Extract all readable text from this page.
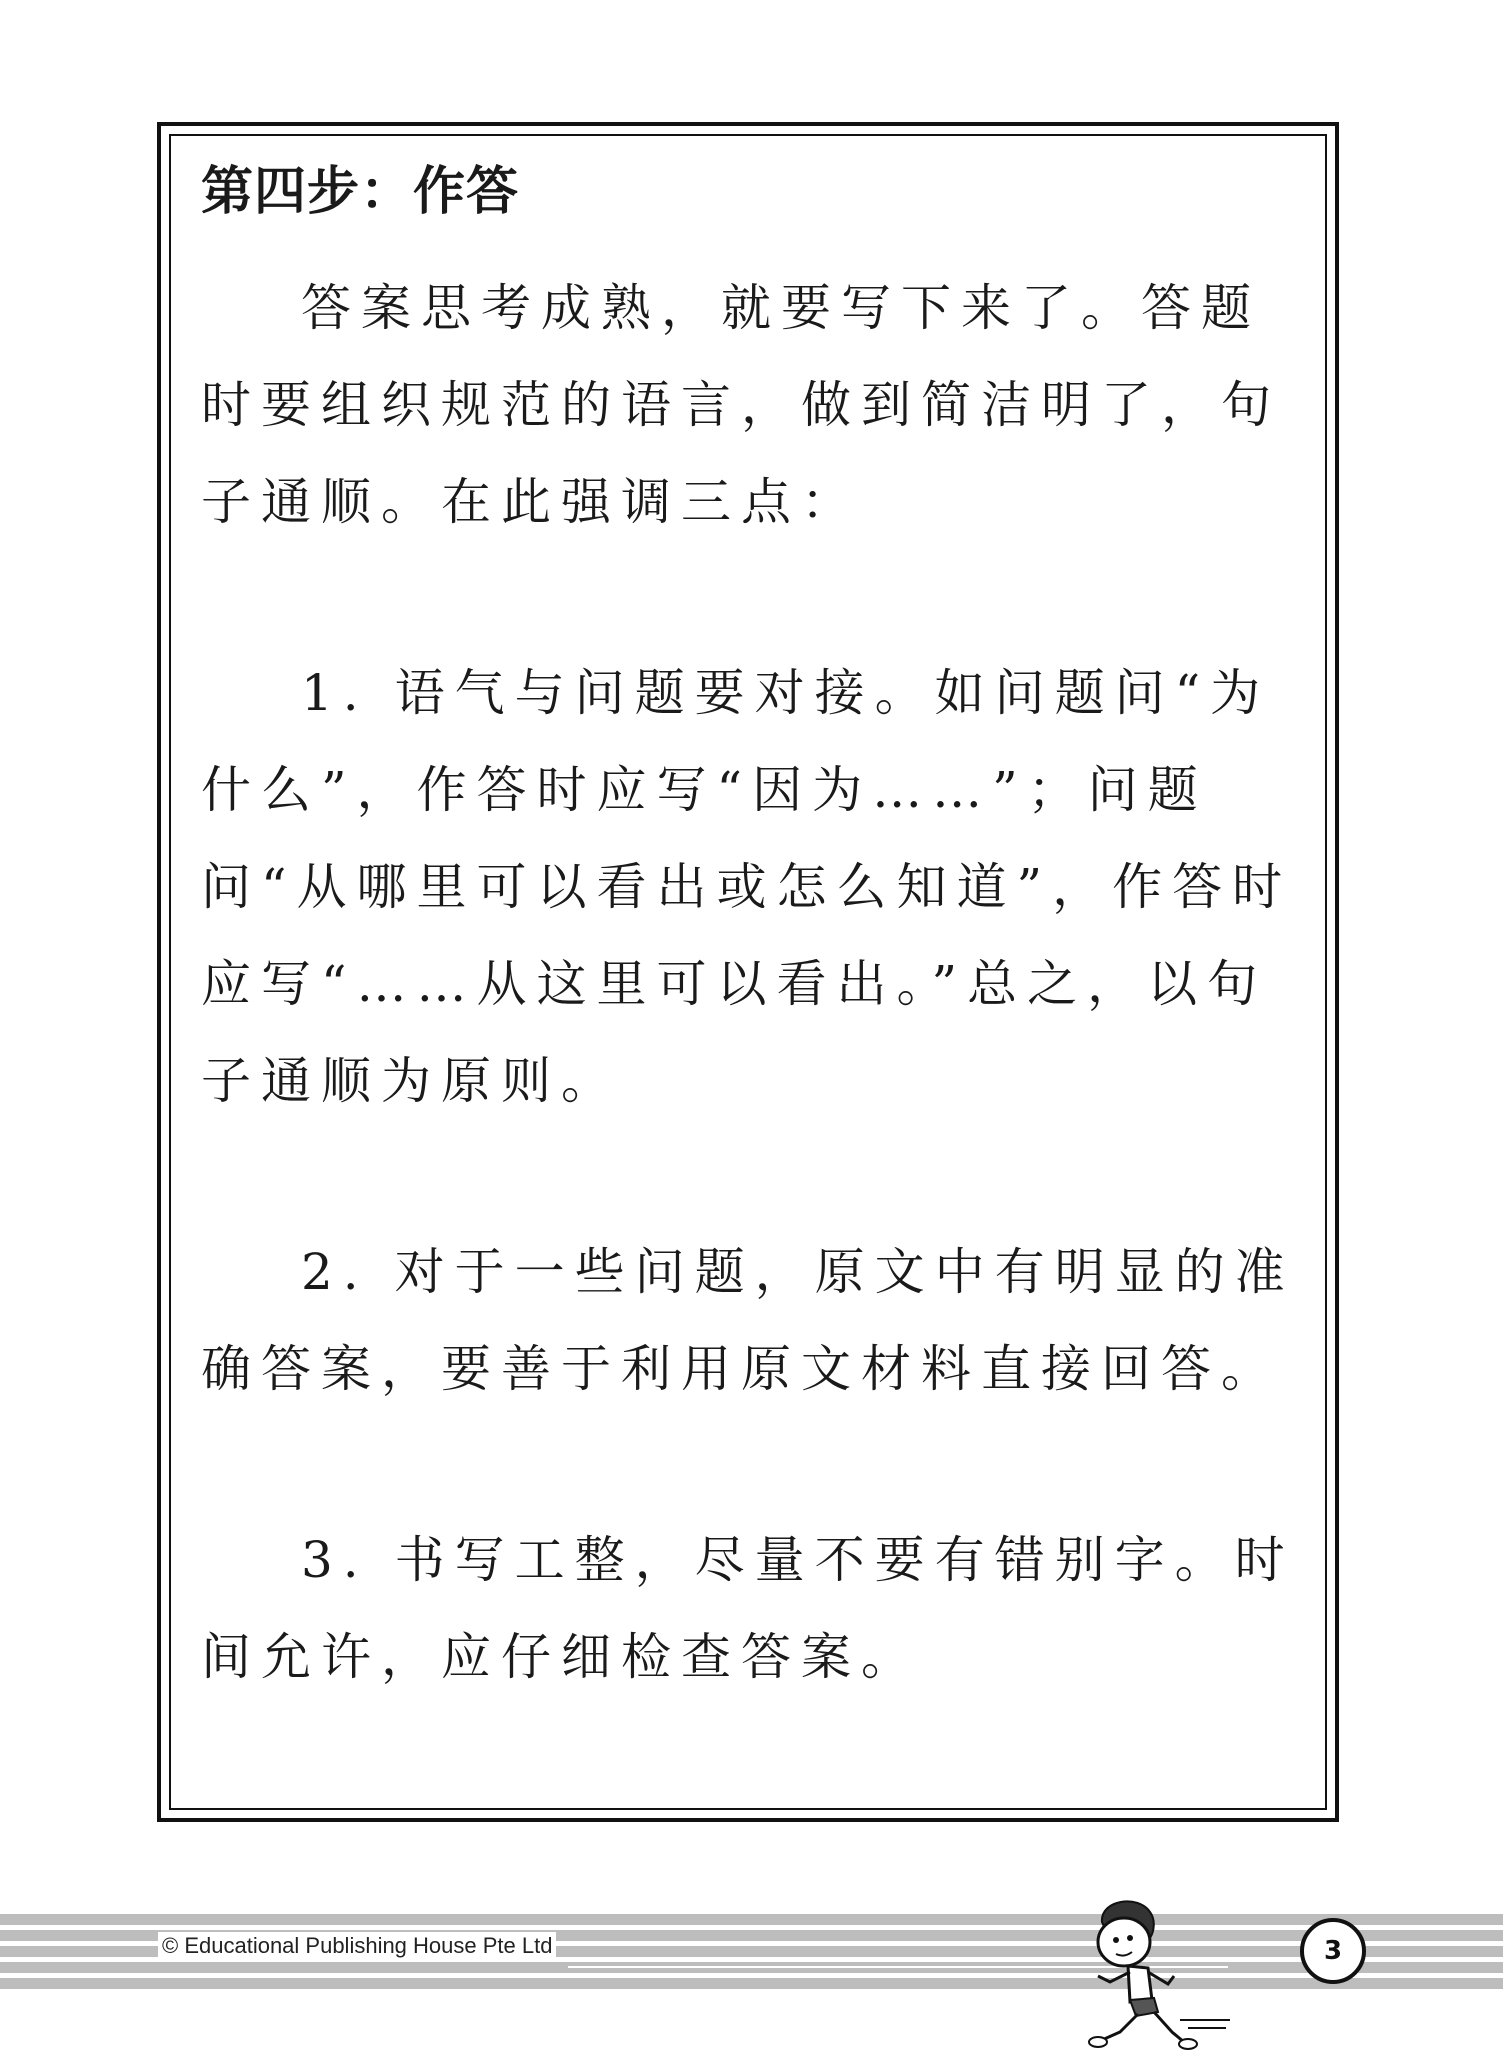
第四步：作答

答案思考成熟，就要写下来了。答题时要组织规范的语言，做到简洁明了，句子通顺。在此强调三点：

1. 语气与问题要对接。如问题问“为什么”，作答时应写“因为……”；问题问“从哪里可以看出或怎么知道”，作答时应写“……从这里可以看出。”总之，以句子通顺为原则。

2. 对于一些问题，原文中有明显的准确答案，要善于利用原文材料直接回答。

3. 书写工整，尽量不要有错别字。时间允许，应仔细检查答案。

© Educational Publishing House Pte Ltd	3
